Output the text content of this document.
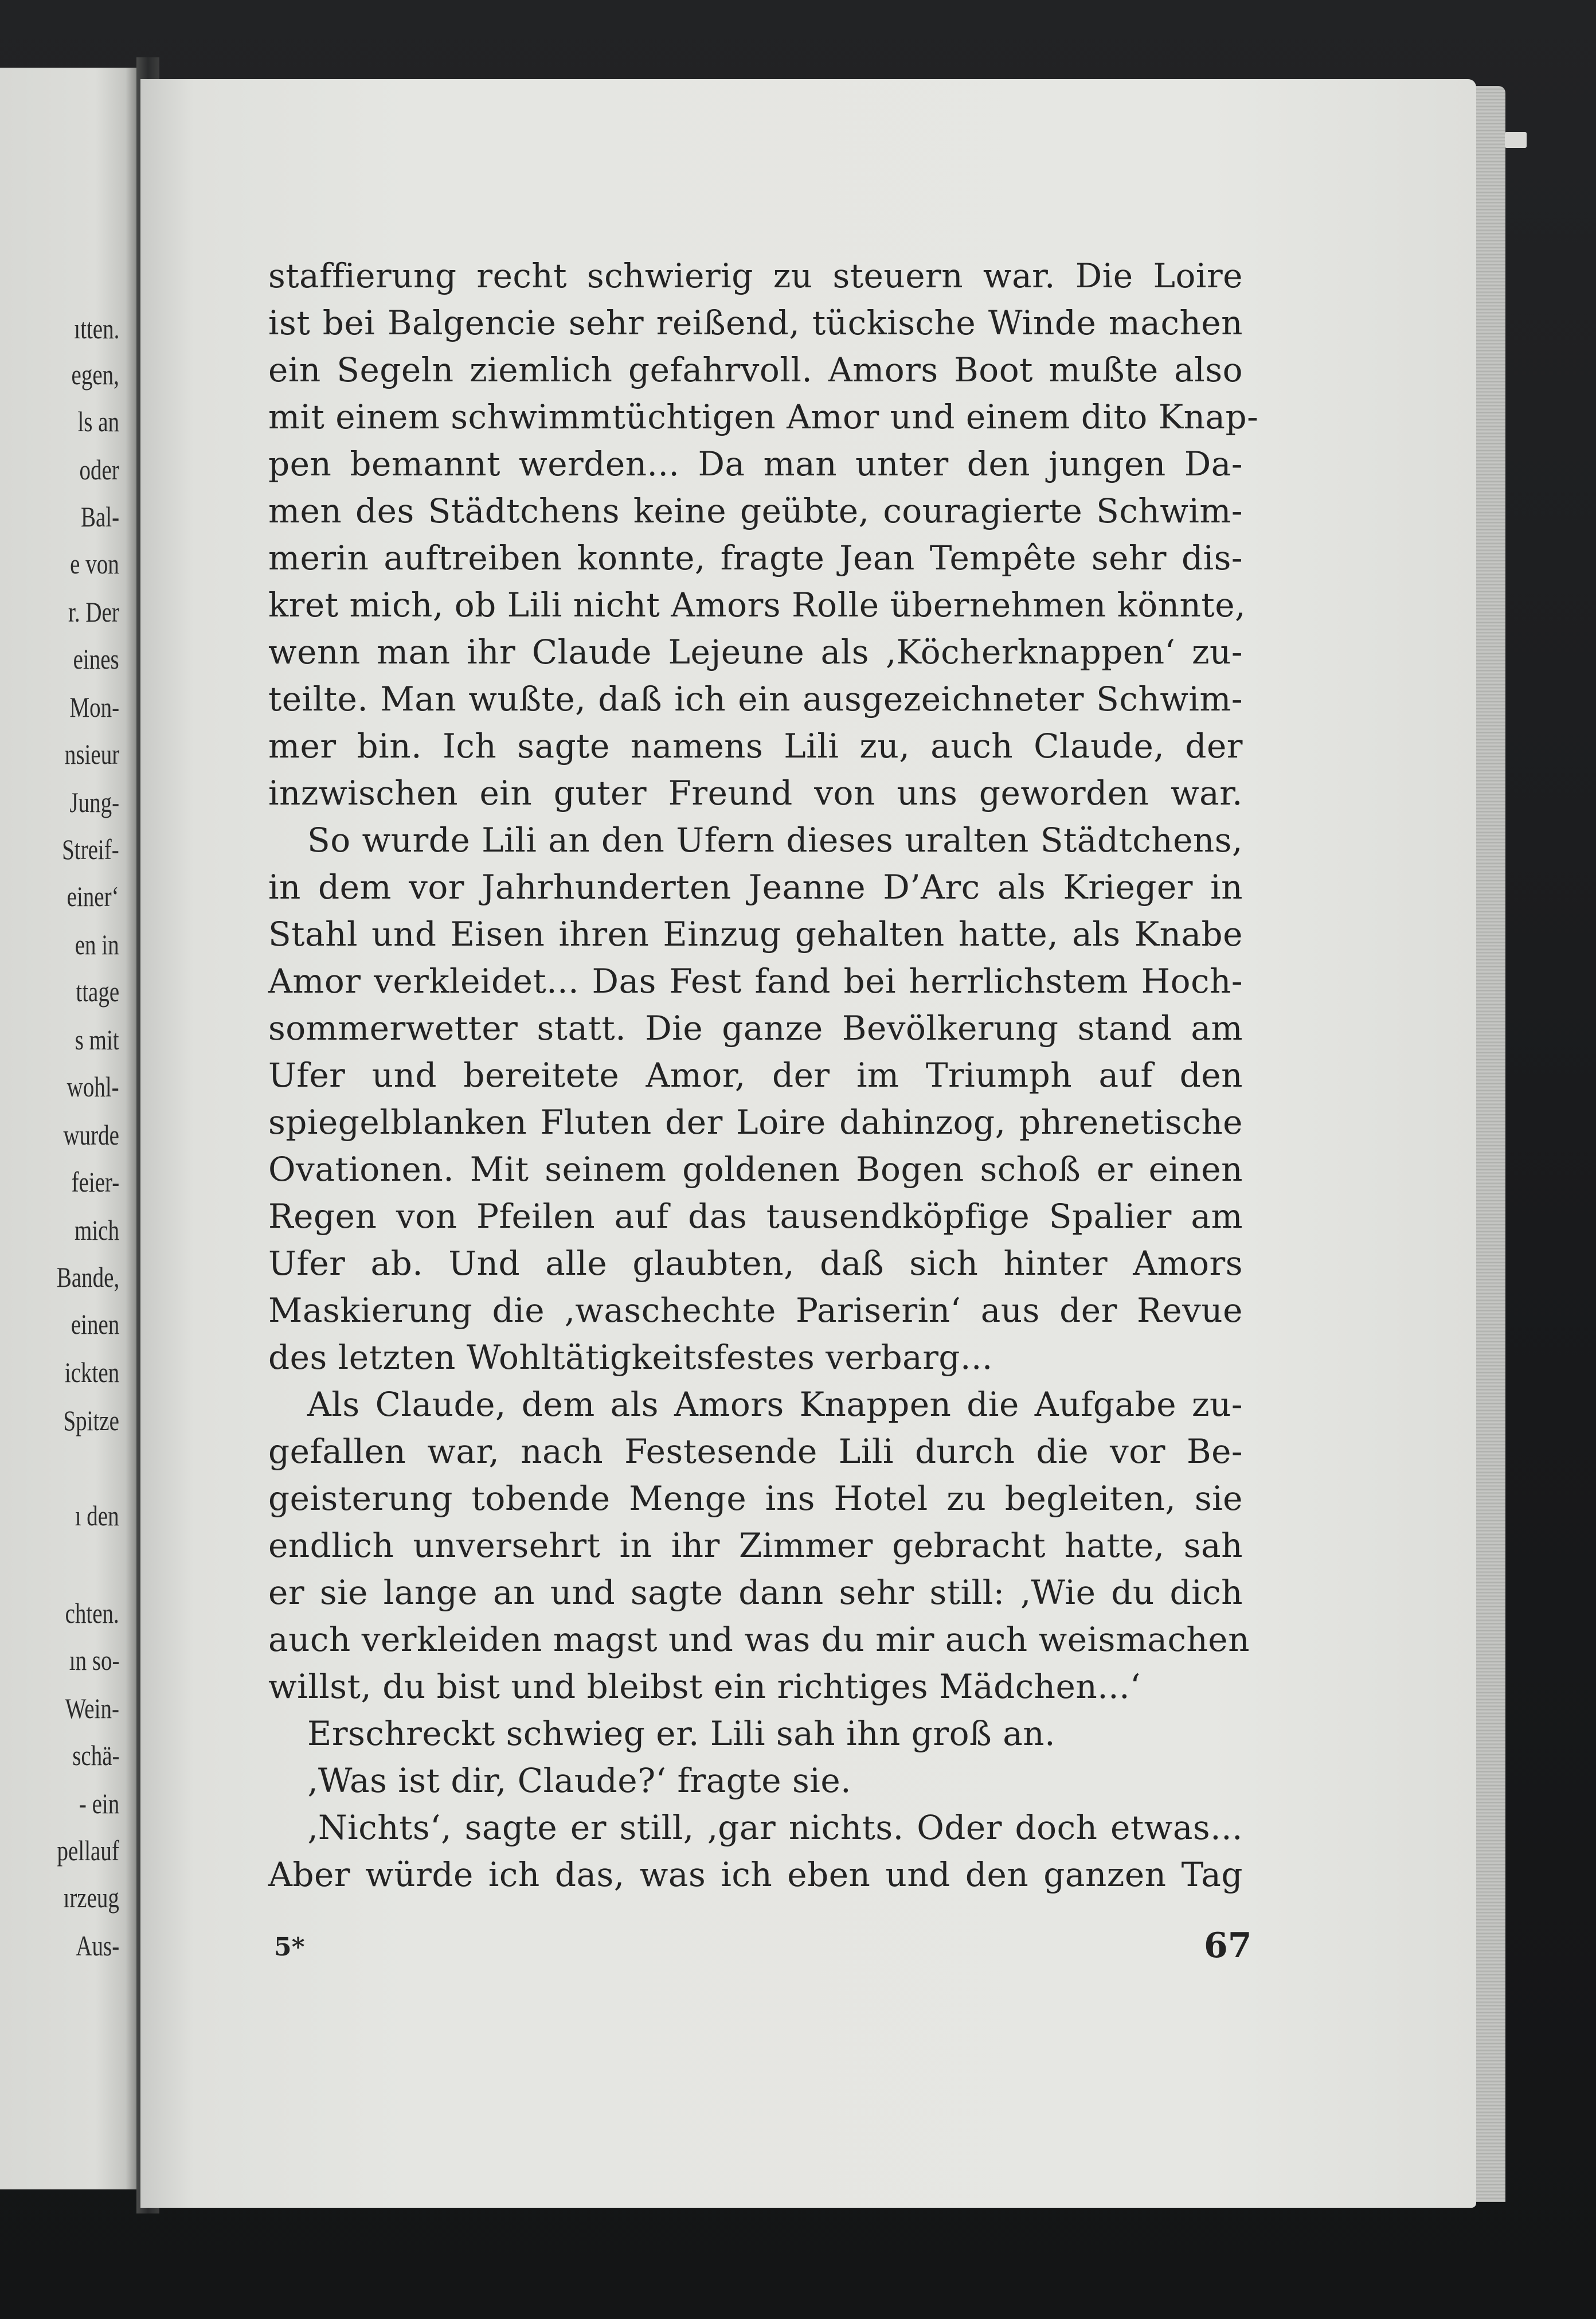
ıtten.
egen,
ls an
oder
Bal-
e von
r. Der
eines
Mon-
nsieur
Jung-
Streif-
einer‘
en in
ttage
s mit
wohl-
wurde
feier-
mich
Bande,
einen
ickten
Spitze
ı den
chten.
ın so-
Wein-
schä-
- ein
pellauf
ırzeug
Aus-
staffierung recht schwierig zu steuern war. Die Loire
ist bei Balgencie sehr reißend, tückische Winde machen
ein Segeln ziemlich gefahrvoll. Amors Boot mußte also
mit einem schwimmtüchtigen Amor und einem dito Knap-
pen bemannt werden... Da man unter den jungen Da-
men des Städtchens keine geübte, couragierte Schwim-
merin auftreiben konnte, fragte Jean Tempête sehr dis-
kret mich, ob Lili nicht Amors Rolle übernehmen könnte,
wenn man ihr Claude Lejeune als ‚Köcherknappen‘ zu-
teilte. Man wußte, daß ich ein ausgezeichneter Schwim-
mer bin. Ich sagte namens Lili zu, auch Claude, der
inzwischen ein guter Freund von uns geworden war.
So wurde Lili an den Ufern dieses uralten Städtchens,
in dem vor Jahrhunderten Jeanne D’Arc als Krieger in
Stahl und Eisen ihren Einzug gehalten hatte, als Knabe
Amor verkleidet... Das Fest fand bei herrlichstem Hoch-
sommerwetter statt. Die ganze Bevölkerung stand am
Ufer und bereitete Amor, der im Triumph auf den
spiegelblanken Fluten der Loire dahinzog, phrenetische
Ovationen. Mit seinem goldenen Bogen schoß er einen
Regen von Pfeilen auf das tausendköpfige Spalier am
Ufer ab. Und alle glaubten, daß sich hinter Amors
Maskierung die ‚waschechte Pariserin‘ aus der Revue
des letzten Wohltätigkeitsfestes verbarg...
Als Claude, dem als Amors Knappen die Aufgabe zu-
gefallen war, nach Festesende Lili durch die vor Be-
geisterung tobende Menge ins Hotel zu begleiten, sie
endlich unversehrt in ihr Zimmer gebracht hatte, sah
er sie lange an und sagte dann sehr still: ‚Wie du dich
auch verkleiden magst und was du mir auch weismachen
willst, du bist und bleibst ein richtiges Mädchen...‘
Erschreckt schwieg er. Lili sah ihn groß an.
‚Was ist dir, Claude?‘ fragte sie.
‚Nichts‘, sagte er still, ‚gar nichts. Oder doch etwas...
Aber würde ich das, was ich eben und den ganzen Tag
5*	67
